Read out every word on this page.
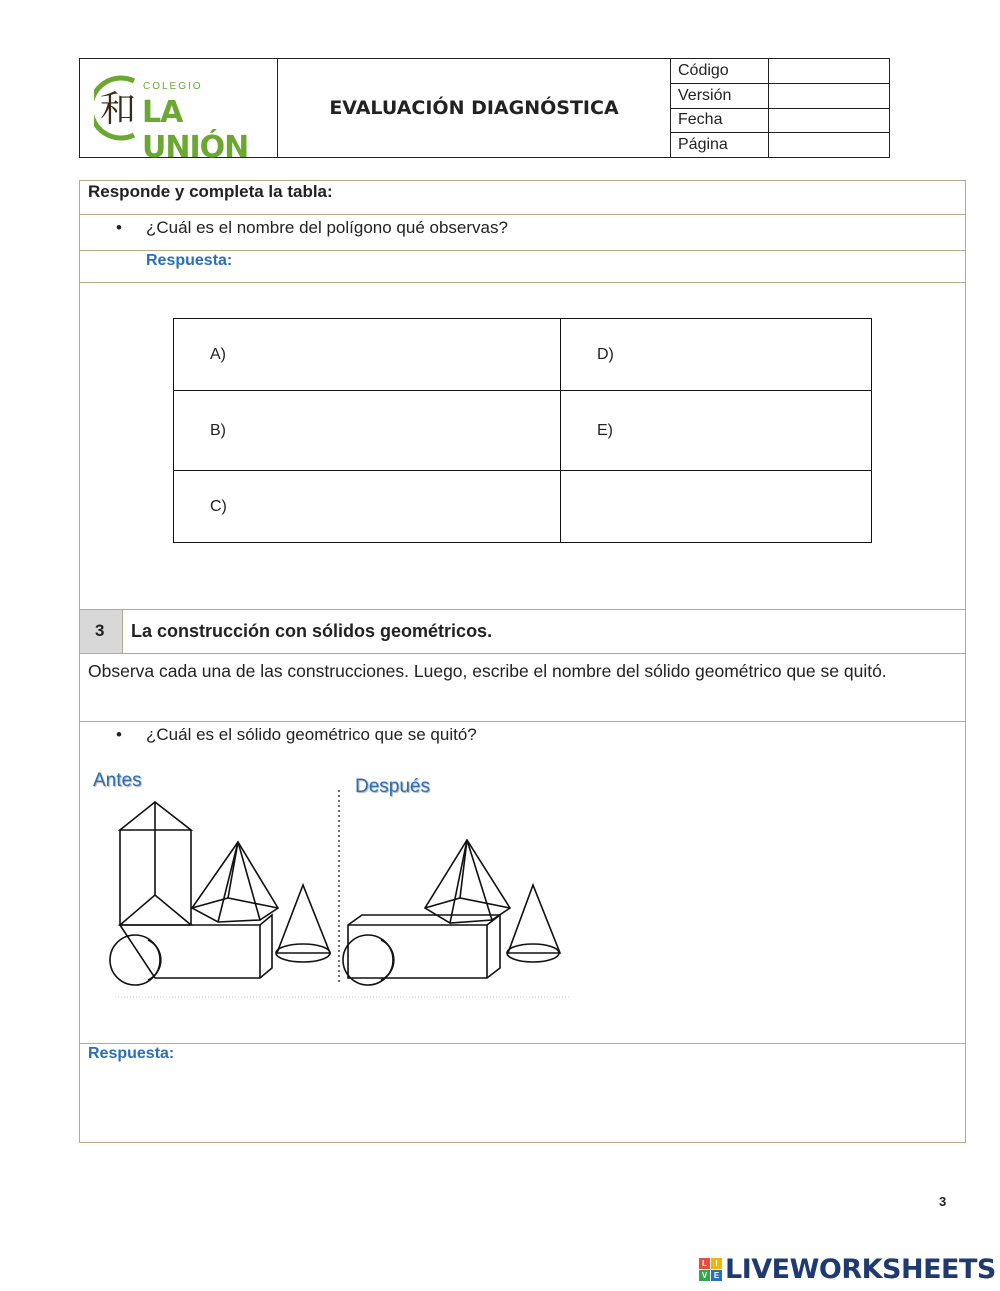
和
COLEGIO
LA UNIÓN	EVALUACIÓN DIAGNÓSTICA	Código	
		Versión	
		Fecha	
		Página	
Responde y completa la tabla:
• ¿Cuál es el nombre del polígono qué observas?
Respuesta:
A)	D)
B)	E)
C)	
3 La construcción con sólidos geométricos.
Observa cada una de las construcciones. Luego, escribe el nombre del sólido geométrico que se quitó.
• ¿Cuál es el sólido geométrico que se quitó?
Antes	Después
Respuesta:
3
L	I
V E LIVEWORKSHEETS
